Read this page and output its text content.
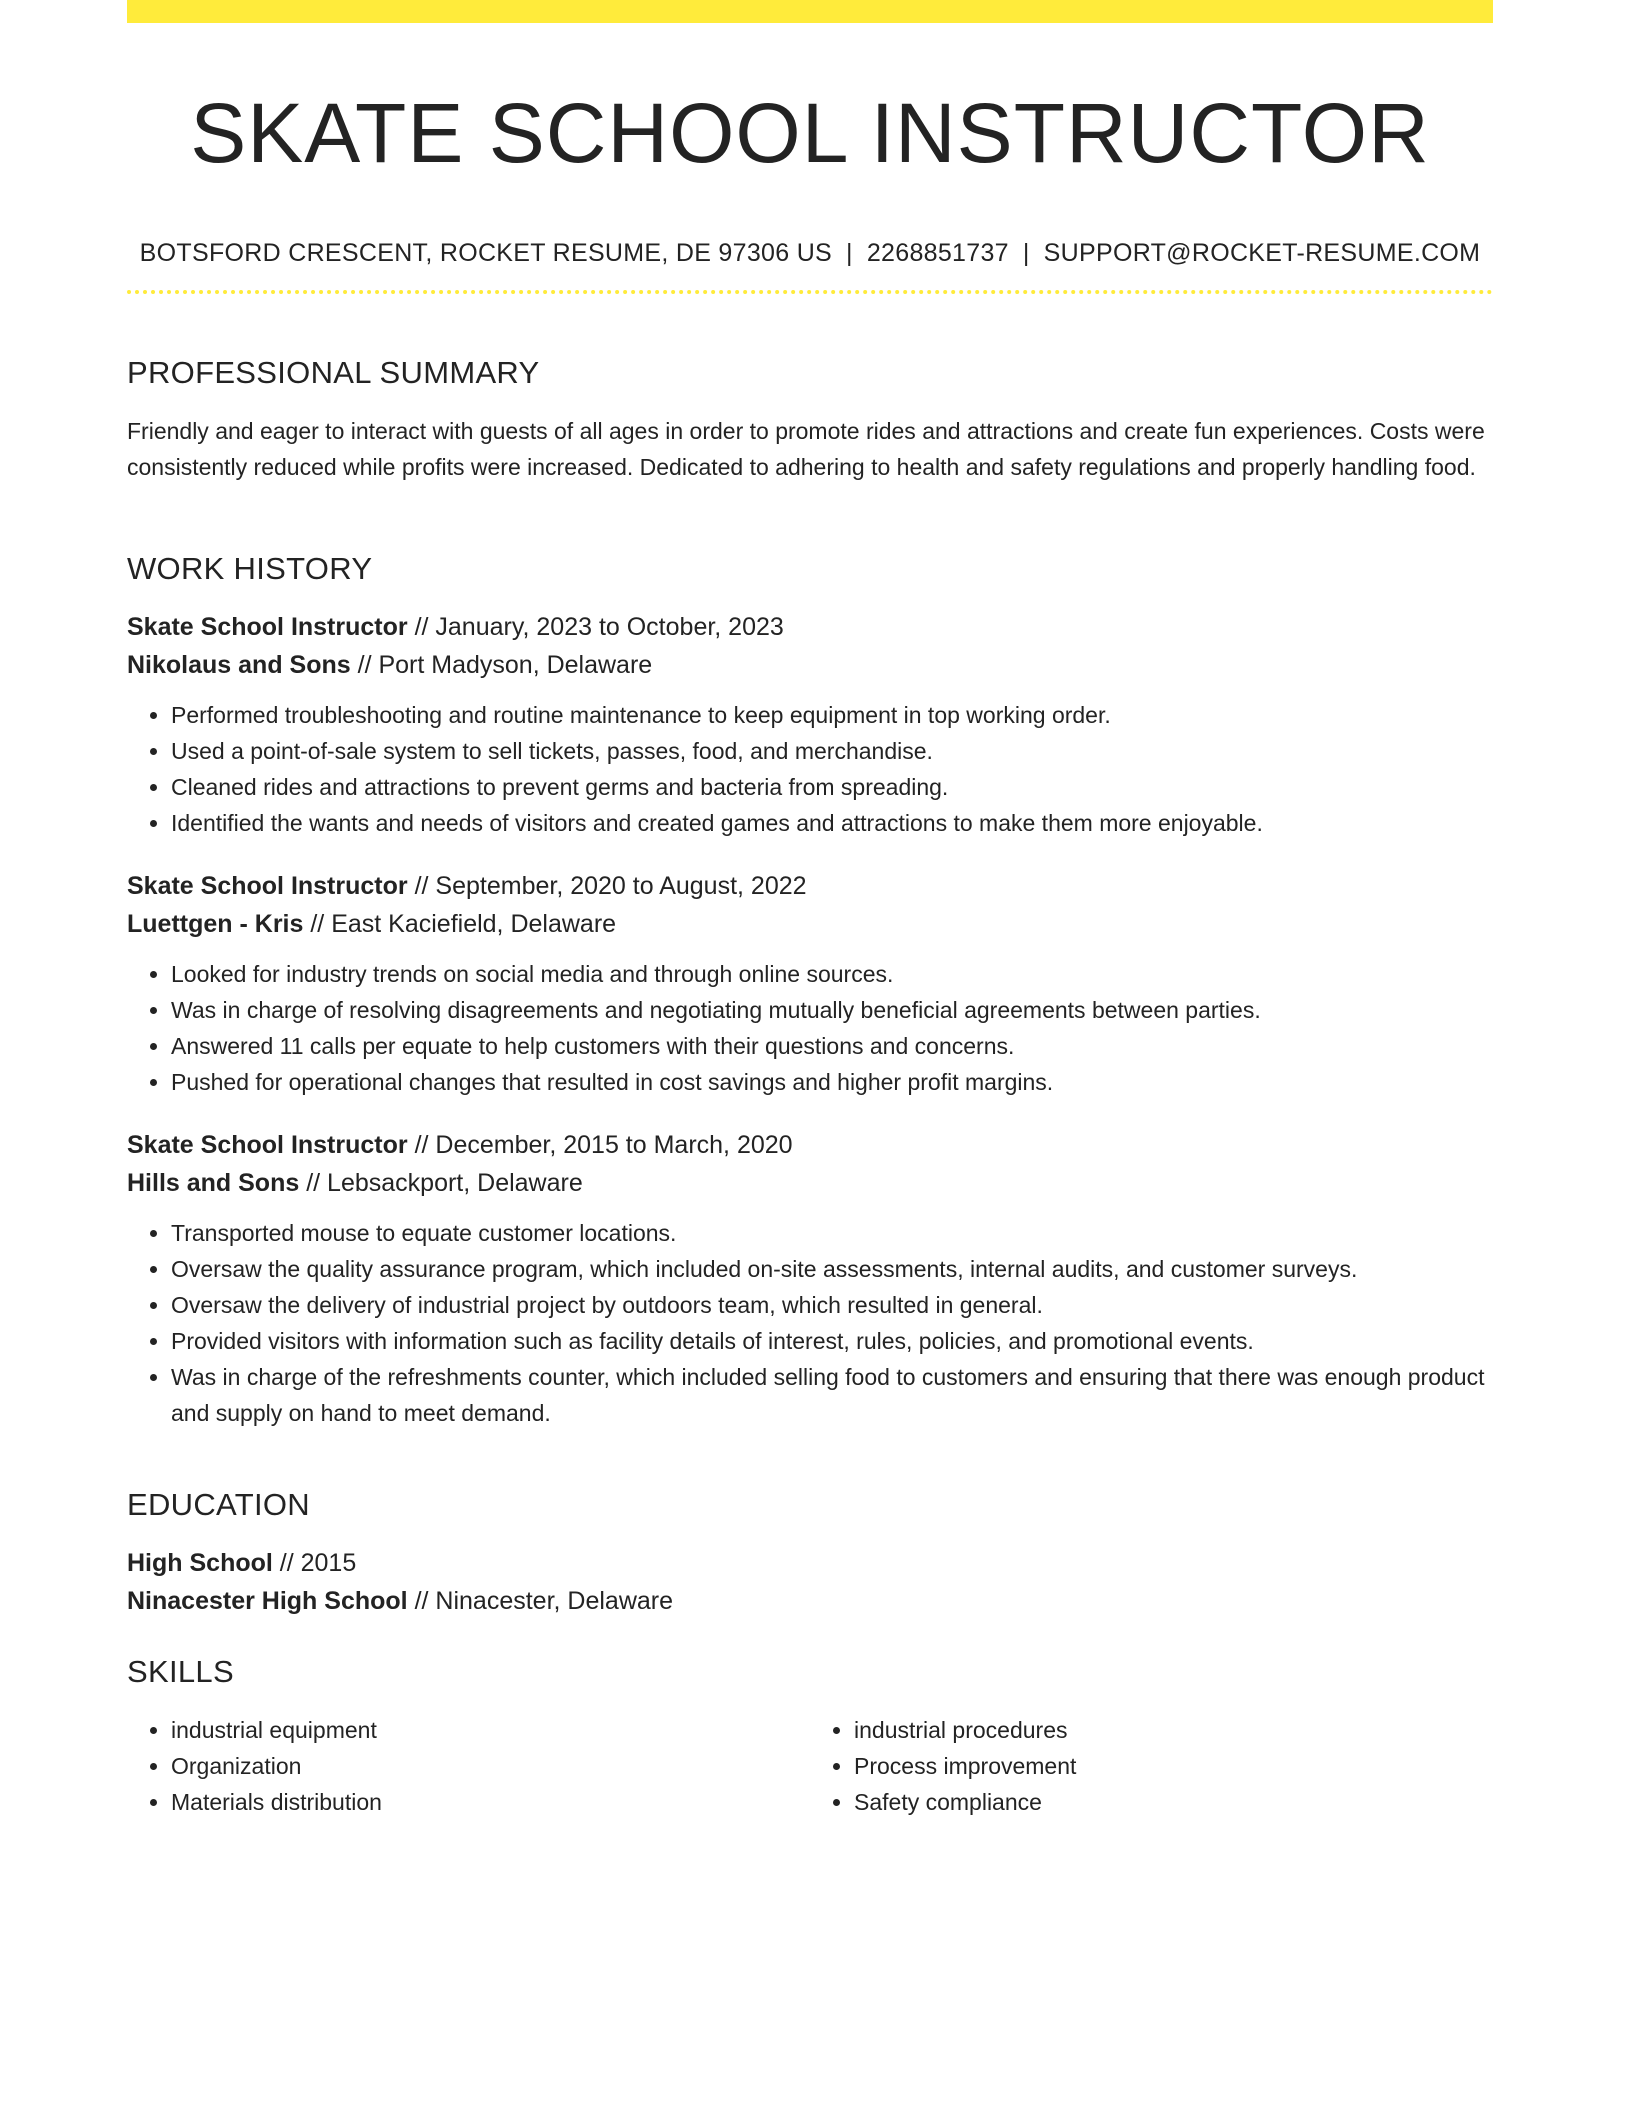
SKATE SCHOOL INSTRUCTOR
BOTSFORD CRESCENT, ROCKET RESUME, DE 97306 US | 2268851737 | SUPPORT@ROCKET-RESUME.COM
PROFESSIONAL SUMMARY

Friendly and eager to interact with guests of all ages in order to promote rides and attractions and create fun experiences. Costs were consistently reduced while profits were increased. Dedicated to adhering to health and safety regulations and properly handling food.

WORK HISTORY
Skate School Instructor // January, 2023 to October, 2023
Nikolaus and Sons // Port Madyson, Delaware
• Performed troubleshooting and routine maintenance to keep equipment in top working order.
• Used a point-of-sale system to sell tickets, passes, food, and merchandise.
• Cleaned rides and attractions to prevent germs and bacteria from spreading.
• Identified the wants and needs of visitors and created games and attractions to make them more enjoyable.
Skate School Instructor // September, 2020 to August, 2022
Luettgen - Kris // East Kaciefield, Delaware
• Looked for industry trends on social media and through online sources.
• Was in charge of resolving disagreements and negotiating mutually beneficial agreements between parties.
• Answered 11 calls per equate to help customers with their questions and concerns.
• Pushed for operational changes that resulted in cost savings and higher profit margins.
Skate School Instructor // December, 2015 to March, 2020
Hills and Sons // Lebsackport, Delaware
• Transported mouse to equate customer locations.
• Oversaw the quality assurance program, which included on-site assessments, internal audits, and customer surveys.
• Oversaw the delivery of industrial project by outdoors team, which resulted in general.
• Provided visitors with information such as facility details of interest, rules, policies, and promotional events.
• Was in charge of the refreshments counter, which included selling food to customers and ensuring that there was enough product and supply on hand to meet demand.
EDUCATION
High School // 2015
Ninacester High School // Ninacester, Delaware
SKILLS
• industrial equipment
• Organization
• Materials distribution
• industrial procedures
• Process improvement
• Safety compliance
